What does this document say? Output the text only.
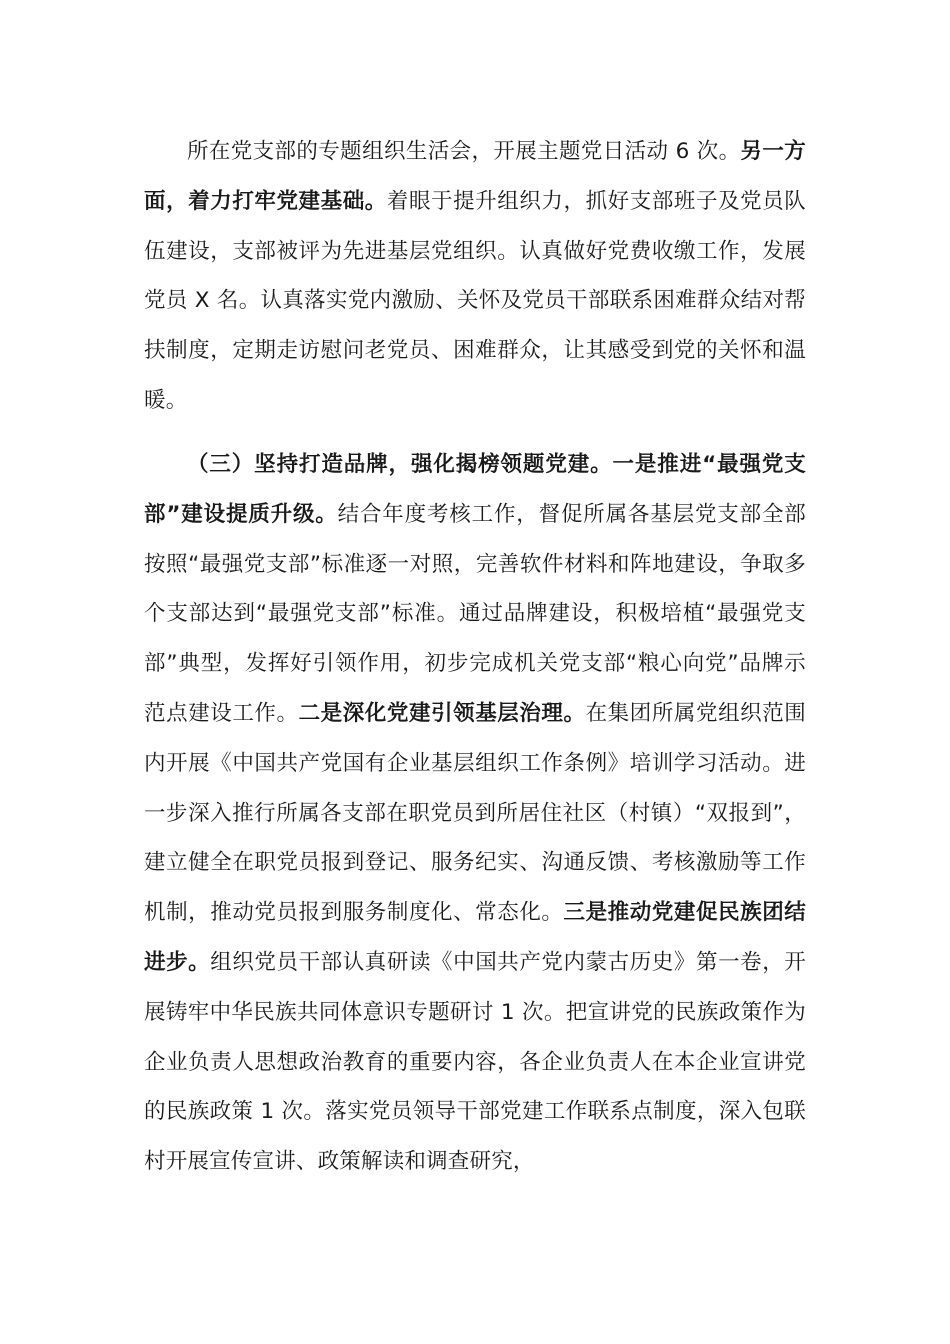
所在党支部的专题组织生活会，开展主题党日活动 6 次。另一方面，着力打牢党建基础。着眼于提升组织力，抓好支部班子及党员队伍建设，支部被评为先进基层党组织。认真做好党费收缴工作，发展党员 X 名。认真落实党内激励、关怀及党员干部联系困难群众结对帮扶制度，定期走访慰问老党员、困难群众，让其感受到党的关怀和温暖。

（三）坚持打造品牌，强化揭榜领题党建。一是推进“最强党支部”建设提质升级。结合年度考核工作，督促所属各基层党支部全部按照“最强党支部”标准逐一对照，完善软件材料和阵地建设，争取多个支部达到“最强党支部”标准。通过品牌建设，积极培植“最强党支部”典型，发挥好引领作用，初步完成机关党支部“粮心向党”品牌示范点建设工作。二是深化党建引领基层治理。在集团所属党组织范围内开展《中国共产党国有企业基层组织工作条例》培训学习活动。进一步深入推行所属各支部在职党员到所居住社区（村镇）“双报到”，建立健全在职党员报到登记、服务纪实、沟通反馈、考核激励等工作机制，推动党员报到服务制度化、常态化。三是推动党建促民族团结进步。组织党员干部认真研读《中国共产党内蒙古历史》第一卷，开展铸牢中华民族共同体意识专题研讨 1 次。把宣讲党的民族政策作为企业负责人思想政治教育的重要内容，各企业负责人在本企业宣讲党的民族政策 1 次。落实党员领导干部党建工作联系点制度，深入包联村开展宣传宣讲、政策解读和调查研究，
